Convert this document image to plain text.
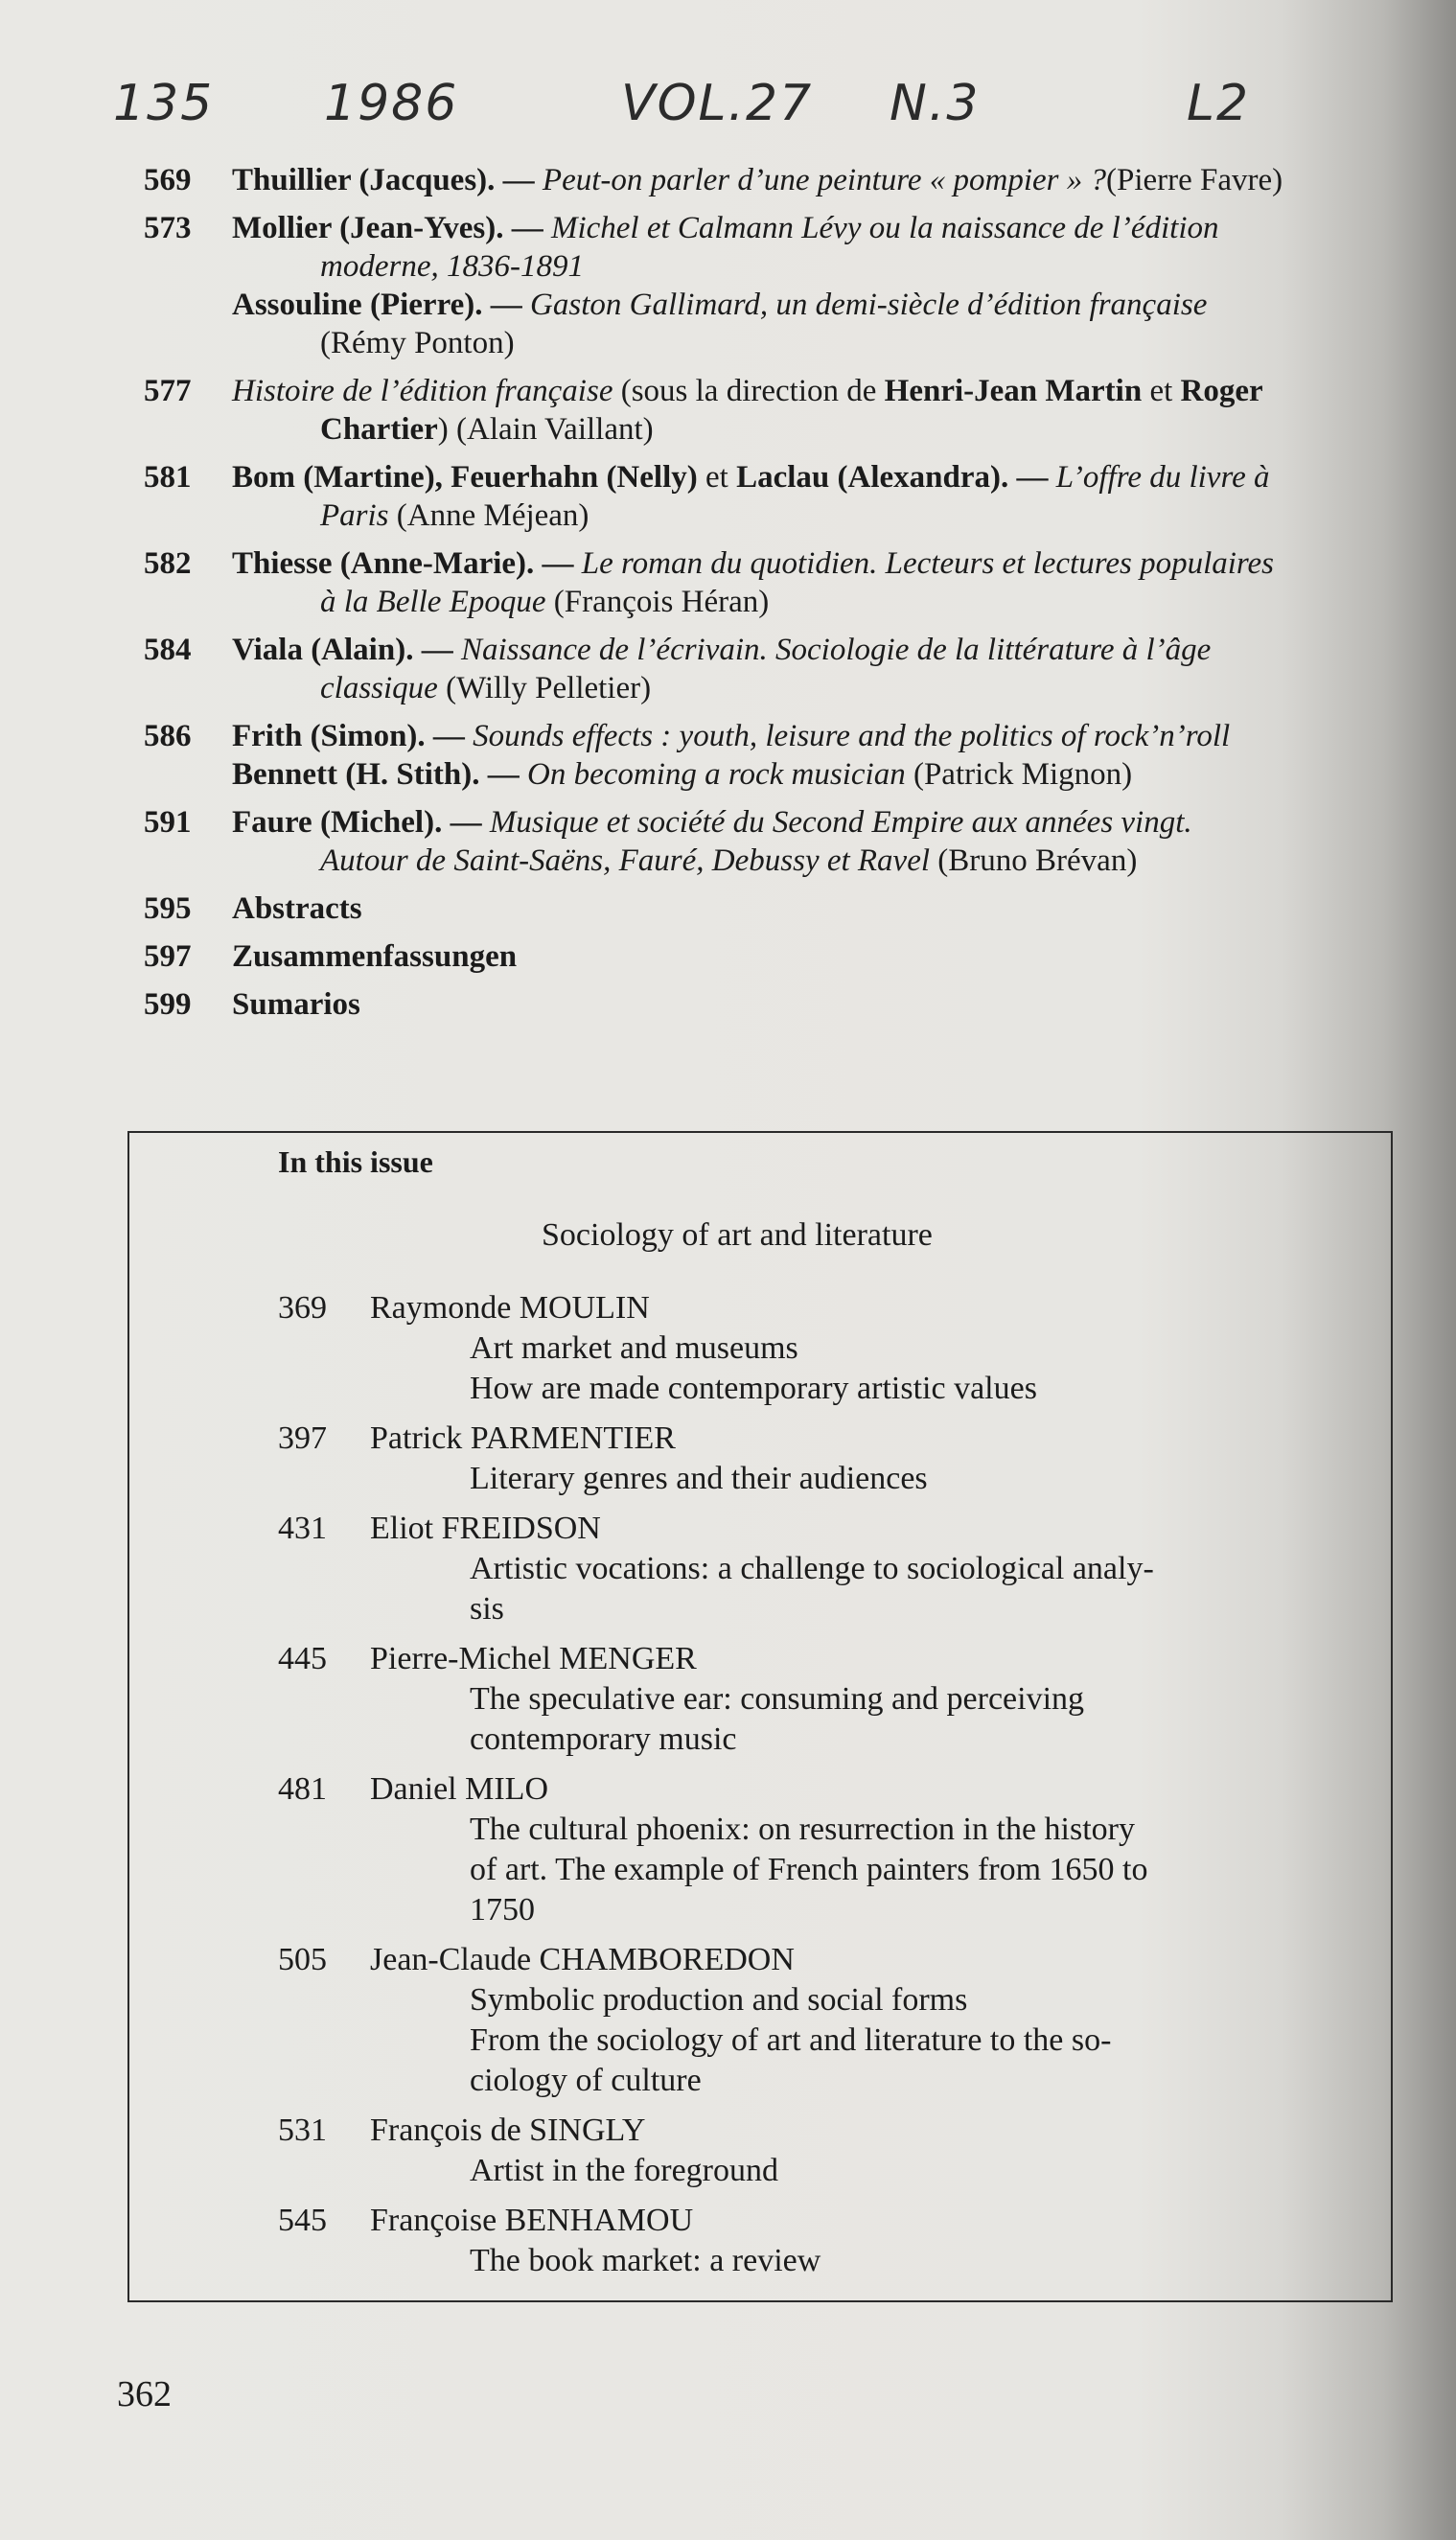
135 1986	VOL.27 N.3	L2
569	Thuillier (Jacques). — Peut-on parler d’une peinture « pompier » ?(Pierre Favre)
573	Mollier (Jean-Yves). — Michel et Calmann Lévy ou la naissance de l’édition
moderne, 1836-1891
Assouline (Pierre). — Gaston Gallimard, un demi-siècle d’édition française
(Rémy Ponton)
577	Histoire de l’édition française (sous la direction de Henri-Jean Martin et Roger
Chartier) (Alain Vaillant)
581	Bom (Martine), Feuerhahn (Nelly) et Laclau (Alexandra). — L’offre du livre à
Paris (Anne Méjean)
582	Thiesse (Anne-Marie). — Le roman du quotidien. Lecteurs et lectures populaires
à la Belle Epoque (François Héran)
584	Viala (Alain). — Naissance de l’écrivain. Sociologie de la littérature à l’âge
classique (Willy Pelletier)
586	Frith (Simon). — Sounds effects : youth, leisure and the politics of rock’n’roll
Bennett (H. Stith). — On becoming a rock musician (Patrick Mignon)
591	Faure (Michel). — Musique et société du Second Empire aux années vingt.
Autour de Saint-Saëns, Fauré, Debussy et Ravel (Bruno Brévan)
595	Abstracts
597	Zusammenfassungen
599	Sumarios
In this issue
Sociology of art and literature
369	Raymonde MOULIN
Art market and museums
How are made contemporary artistic values
397	Patrick PARMENTIER
Literary genres and their audiences
431	Eliot FREIDSON
Artistic vocations: a challenge to sociological analy-
sis
445	Pierre-Michel MENGER
The speculative ear: consuming and perceiving
contemporary music
481	Daniel MILO
The cultural phoenix: on resurrection in the history
of art. The example of French painters from 1650 to
1750
505	Jean-Claude CHAMBOREDON
Symbolic production and social forms
From the sociology of art and literature to the so-
ciology of culture
531	François de SINGLY
Artist in the foreground
545	Françoise BENHAMOU
The book market: a review
362
